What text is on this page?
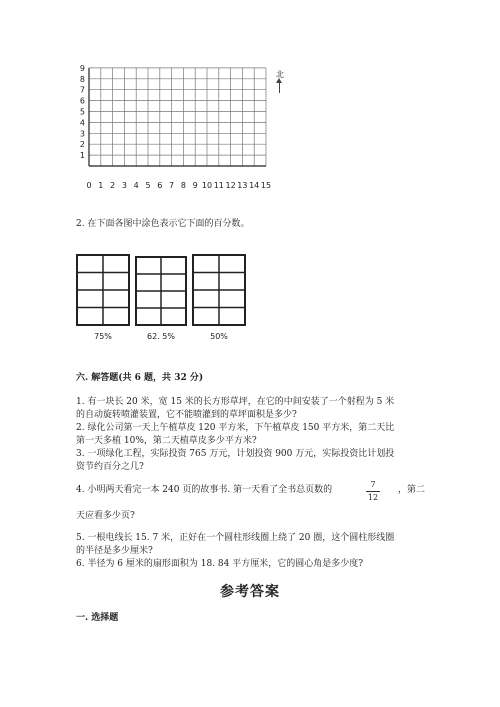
0 1 2 3 4 5 6 7 8 9 10 11 12 13 14 15
1
2
3
4
5
6
7
8
9
北
2. 在下面各图中涂色表示它下面的百分数。
75%	62. 5%	50%
六. 解答题(共 6 题，共 32 分)
1. 有一块长 20 米，宽 15 米的长方形草坪，在它的中间安装了一个射程为 5 米
的自动旋转喷灌装置，它不能喷灌到的草坪面积是多少?
2. 绿化公司第一天上午植草皮 120 平方米，下午植草皮 150 平方米，第二天比
第一天多植 10%，第二天植草皮多少平方米?
3. 一项绿化工程，实际投资 765 万元，计划投资 900 万元，实际投资比计划投
资节约百分之几?
4. 小明两天看完一本 240 页的故事书. 第一天看了全书总页数的
7
12
，第二
天应看多少页?
5. 一根电线长 15. 7 米，正好在一个圆柱形线圈上绕了 20 圈，这个圆柱形线圈
的半径是多少厘米?
6. 半径为 6 厘米的扇形面积为 18. 84 平方厘米，它的圆心角是多少度?
参考答案
一. 选择题
